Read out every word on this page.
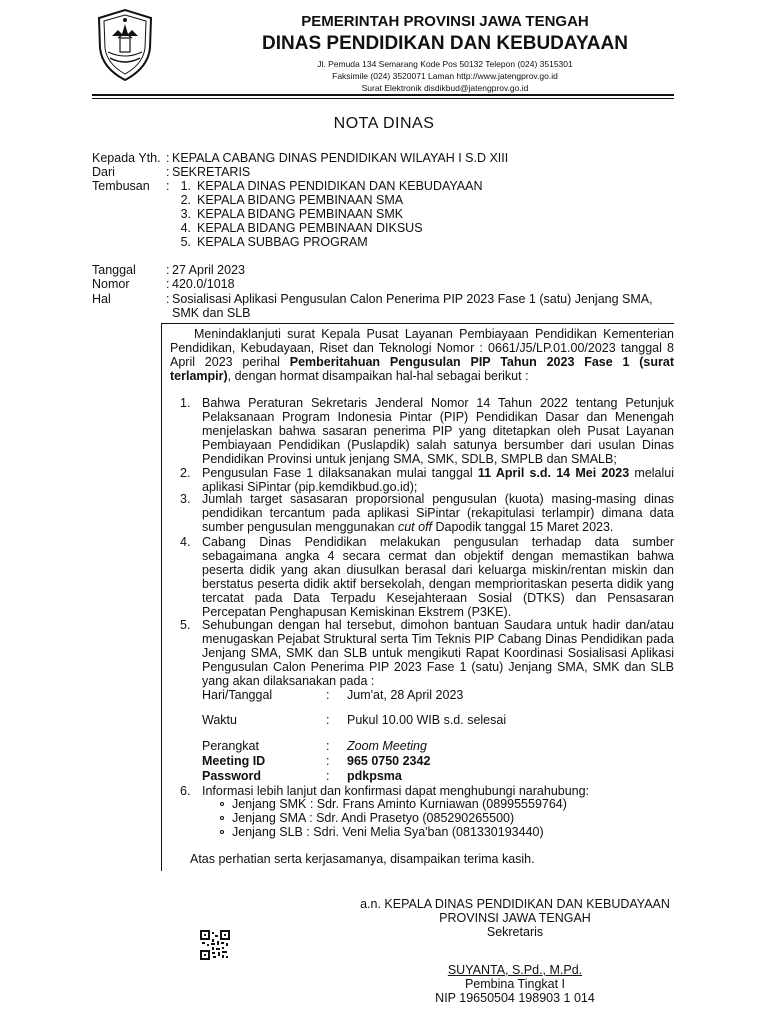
PEMERINTAH PROVINSI JAWA TENGAH
DINAS PENDIDIKAN DAN KEBUDAYAAN
Jl. Pemuda 134 Semarang Kode Pos 50132 Telepon (024) 3515301
Faksimile (024) 3520071 Laman http://www.jatengprov.go.id
Surat Elektronik disdikbud@jatengprov.go.id
NOTA DINAS
Kepada Yth. : KEPALA CABANG DINAS PENDIDIKAN WILAYAH I S.D XIII
Dari	: SEKRETARIS
Tembusan : 1. KEPALA DINAS PENDIDIKAN DAN KEBUDAYAAN
2. KEPALA BIDANG PEMBINAAN SMA
3. KEPALA BIDANG PEMBINAAN SMK
4. KEPALA BIDANG PEMBINAAN DIKSUS
5. KEPALA SUBBAG PROGRAM
Tanggal : 27 April 2023
Nomor	: 420.0/1018
Hal	: Sosialisasi Aplikasi Pengusulan Calon Penerima PIP 2023 Fase 1 (satu) Jenjang SMA,
SMK dan SLB
Menindaklanjuti surat Kepala Pusat Layanan Pembiayaan Pendidikan Kementerian Pendidikan, Kebudayaan, Riset dan Teknologi Nomor : 0661/J5/LP.01.00/2023 tanggal 8 April 2023 perihal Pemberitahuan Pengusulan PIP Tahun 2023 Fase 1 (surat terlampir), dengan hormat disampaikan hal-hal sebagai berikut :
1. Bahwa Peraturan Sekretaris Jenderal Nomor 14 Tahun 2022 tentang Petunjuk Pelaksanaan Program Indonesia Pintar (PIP) Pendidikan Dasar dan Menengah menjelaskan bahwa sasaran penerima PIP yang ditetapkan oleh Pusat Layanan Pembiayaan Pendidikan (Puslapdik) salah satunya bersumber dari usulan Dinas Pendidikan Provinsi untuk jenjang SMA, SMK, SDLB, SMPLB dan SMALB;
2. Pengusulan Fase 1 dilaksanakan mulai tanggal 11 April s.d. 14 Mei 2023 melalui aplikasi SiPintar (pip.kemdikbud.go.id);
3. Jumlah target sasasaran proporsional pengusulan (kuota) masing-masing dinas pendidikan tercantum pada aplikasi SiPintar (rekapitulasi terlampir) dimana data sumber pengusulan menggunakan cut off Dapodik tanggal 15 Maret 2023.
4. Cabang Dinas Pendidikan melakukan pengusulan terhadap data sumber sebagaimana angka 4 secara cermat dan objektif dengan memastikan bahwa peserta didik yang akan diusulkan berasal dari keluarga miskin/rentan miskin dan berstatus peserta didik aktif bersekolah, dengan memprioritaskan peserta didik yang tercatat pada Data Terpadu Kesejahteraan Sosial (DTKS) dan Pensasaran Percepatan Penghapusan Kemiskinan Ekstrem (P3KE).
5. Sehubungan dengan hal tersebut, dimohon bantuan Saudara untuk hadir dan/atau menugaskan Pejabat Struktural serta Tim Teknis PIP Cabang Dinas Pendidikan pada Jenjang SMA, SMK dan SLB untuk mengikuti Rapat Koordinasi Sosialisasi Aplikasi Pengusulan Calon Penerima PIP 2023 Fase 1 (satu) Jenjang SMA, SMK dan SLB yang akan dilaksanakan pada :
Hari/Tanggal	: Jum'at, 28 April 2023
Waktu	: Pukul 10.00 WIB s.d. selesai
Perangkat	: Zoom Meeting
Meeting ID	: 965 0750 2342
Password	: pdkpsma
6. Informasi lebih lanjut dan konfirmasi dapat menghubungi narahubung:
Jenjang SMK : Sdr. Frans Aminto Kurniawan (08995559764)
Jenjang SMA : Sdr. Andi Prasetyo (085290265500)
Jenjang SLB : Sdri. Veni Melia Sya'ban (081330193440)
Atas perhatian serta kerjasamanya, disampaikan terima kasih.
a.n. KEPALA DINAS PENDIDIKAN DAN KEBUDAYAAN
PROVINSI JAWA TENGAH
Sekretaris
SUYANTA, S.Pd., M.Pd.
Pembina Tingkat I
NIP 19650504 198903 1 014
